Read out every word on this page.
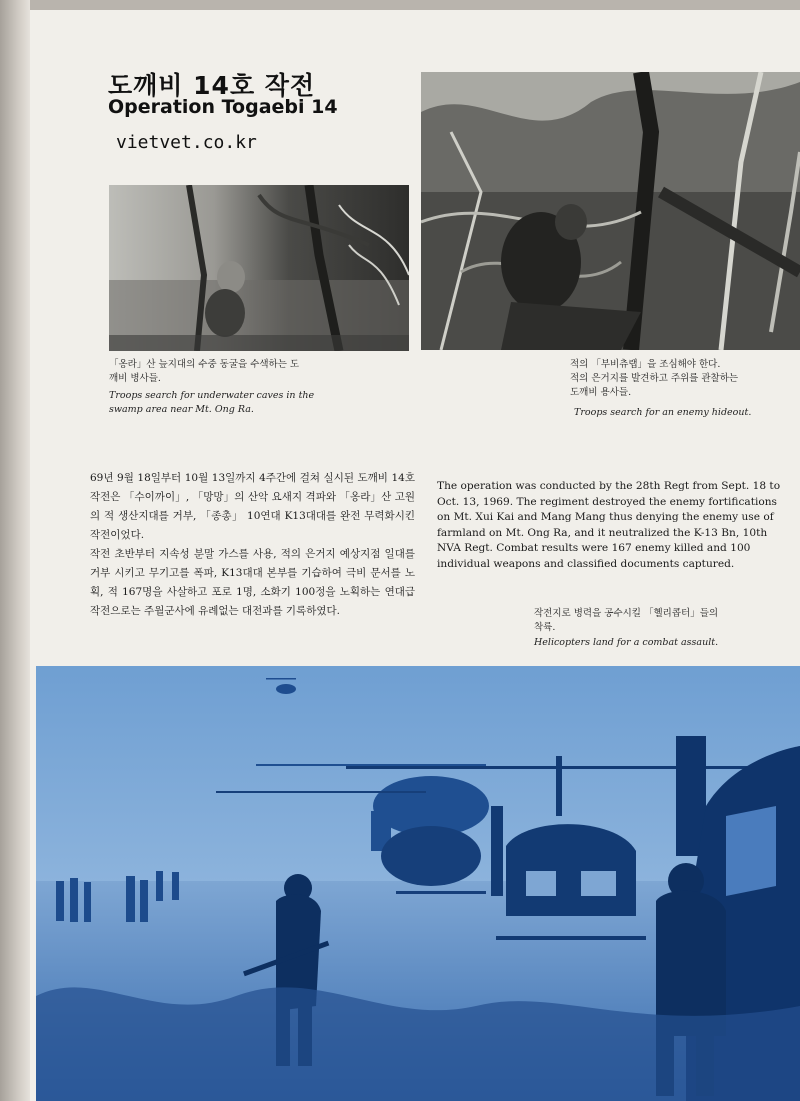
도깨비 14호 작전
Operation Togaebi 14
vietvet.co.kr
「옹라」산 늪지대의 수중 동굴을 수색하는 도
깨비 병사들.
Troops search for underwater caves in the
swamp area near Mt. Ong Ra.
적의 「부비츄랩」을 조심해야 한다.
적의 은거지를 발견하고 주위를 관찰하는
도깨비 용사들.
Troops search for an enemy hideout.

69년 9월 18일부터 10월 13일까지 4주간에 걸쳐 실시된 도깨비 14호 작전은 「수이까이」, 「망망」의 산악 요새지 격파와 「옹라」산 고원의 적 생산지대를 거부, 「종총」 10연대 K13대대를 완전 무력화시킨 작전이었다.
작전 초반부터 지속성 분말 가스를 사용, 적의 은거지 예상지점 일대를 거부 시키고 무기고를 폭파, K13대대 본부를 기습하여 극비 문서를 노획, 적 167명을 사살하고 포로 1명, 소화기 100정을 노획하는 연대급 작전으로는 주월군사에 유례없는 대전과를 기록하였다.

The operation was conducted by the 28th Regt from Sept. 18 to Oct. 13, 1969. The regiment destroyed the enemy fortifications on Mt. Xui Kai and Mang Mang thus denying the enemy use of farmland on Mt. Ong Ra, and it neutralized the K-13 Bn, 10th NVA Regt. Combat results were 167 enemy killed and 100 individual weapons and classified documents captured.

작전지로 병력을 공수시킬 「헬리콥터」들의
착륙.
Helicopters land for a combat assault.
